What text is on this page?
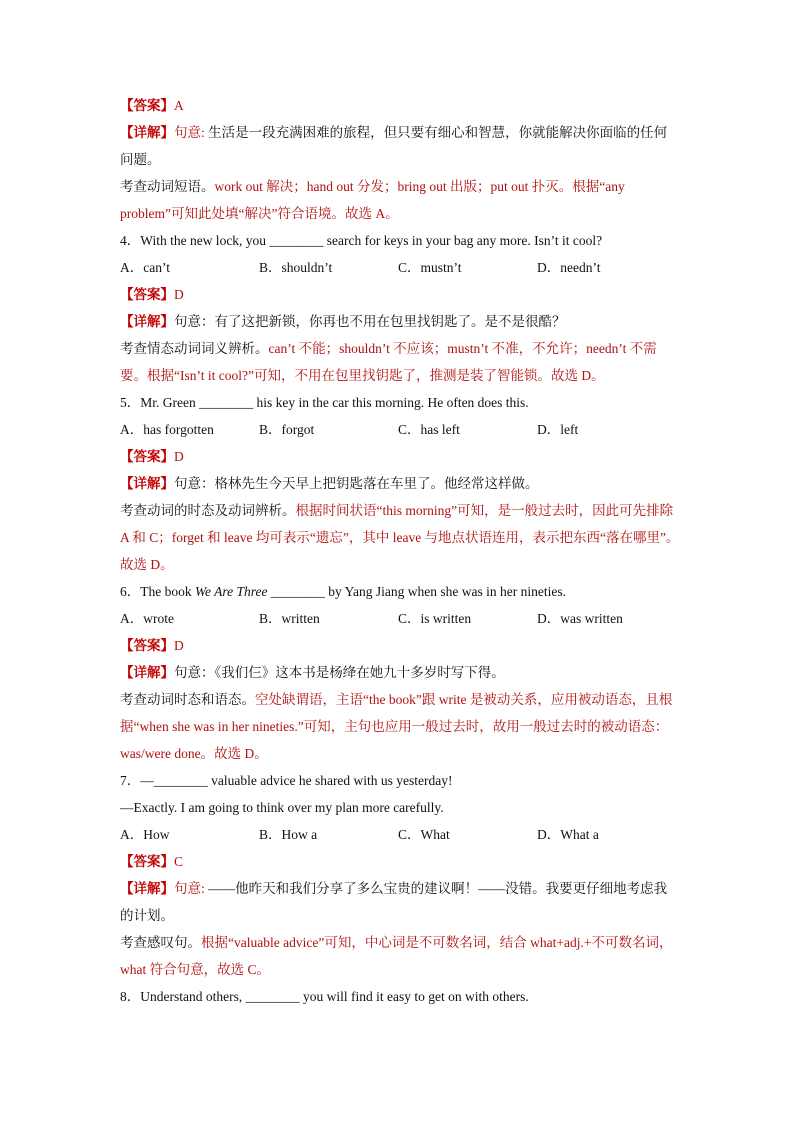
【答案】A
【详解】句意: 生活是一段充满困难的旅程，但只要有细心和智慧，你就能解决你面临的任何问题。
考查动词短语。work out 解决；hand out 分发；bring out 出版；put out 扑灭。根据“any problem”可知此处填“解决”符合语境。故选 A。
4．With the new lock, you ________ search for keys in your bag any more. Isn’t it cool?
A．can’t	B．shouldn’t	C．mustn’t	D．needn’t
【答案】D
【详解】句意：有了这把新锁，你再也不用在包里找钥匙了。是不是很酷？
考查情态动词词义辨析。can’t 不能；shouldn’t 不应该；mustn’t 不准，不允许；needn’t 不需要。根据“Isn’t it cool?”可知，不用在包里找钥匙了，推测是装了智能锁。故选 D。
5．Mr. Green ________ his key in the car this morning. He often does this.
A．has forgotten	B．forgot	C．has left	D．left
【答案】D
【详解】句意：格林先生今天早上把钥匙落在车里了。他经常这样做。
考查动词的时态及动词辨析。根据时间状语“this morning”可知，是一般过去时，因此可先排除 A 和 C；forget 和 leave 均可表示“遗忘”，其中 leave 与地点状语连用，表示把东西“落在哪里”。故选 D。
6．The book We Are Three ________ by Yang Jiang when she was in her nineties.
A．wrote	B．written	C．is written	D．was written
【答案】D
【详解】句意：《我们仨》这本书是杨绛在她九十多岁时写下得。
考查动词时态和语态。空处缺谓语，主语“the book”跟 write 是被动关系，应用被动语态，且根据“when she was in her nineties.”可知，主句也应用一般过去时，故用一般过去时的被动语态：was/were done。故选 D。
7．—________ valuable advice he shared with us yesterday!
—Exactly. I am going to think over my plan more carefully.
A．How	B．How a	C．What	D．What a
【答案】C
【详解】句意: ——他昨天和我们分享了多么宝贵的建议啊！——没错。我要更仔细地考虑我的计划。
考查感叹句。根据“valuable advice”可知，中心词是不可数名词，结合 what+adj.+不可数名词，what 符合句意，故选 C。
8．Understand others, ________ you will find it easy to get on with others.
